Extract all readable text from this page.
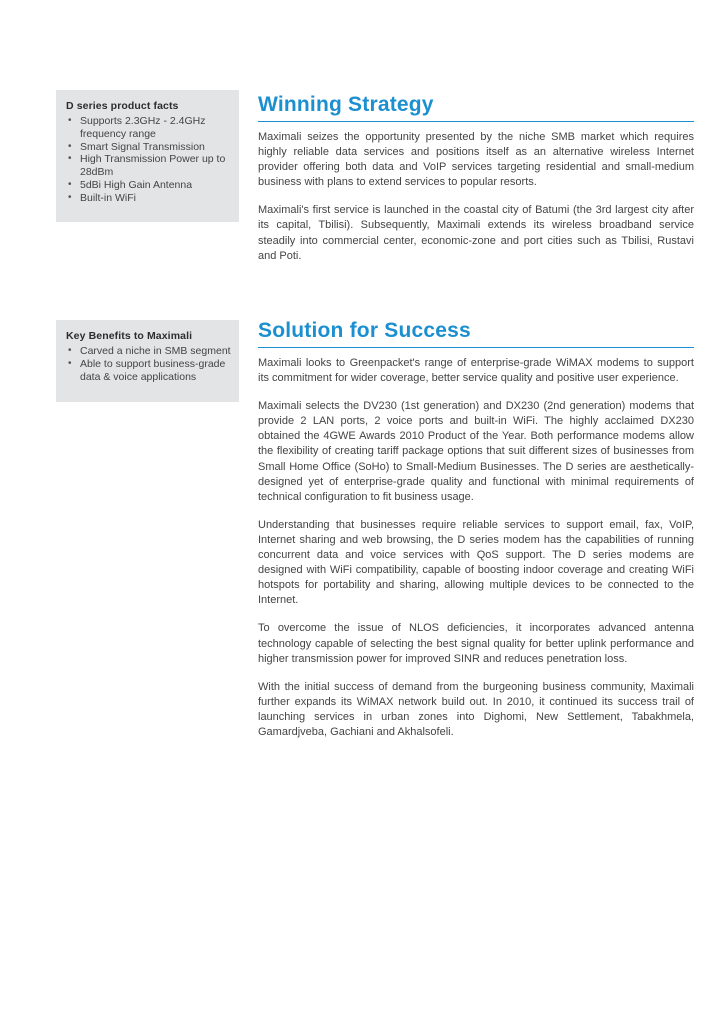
D series product facts
• Supports 2.3GHz - 2.4GHz frequency range
• Smart Signal Transmission
• High Transmission Power up to 28dBm
• 5dBi High Gain Antenna
• Built-in WiFi
Key Benefits to Maximali
• Carved a niche in SMB segment
• Able to support business-grade data & voice applications
Winning Strategy

Maximali seizes the opportunity presented by the niche SMB market which requires highly reliable data services and positions itself as an alternative wireless Internet provider offering both data and VoIP services targeting residential and small-medium business with plans to extend services to popular resorts.

Maximali's first service is launched in the coastal city of Batumi (the 3rd largest city after its capital, Tbilisi). Subsequently, Maximali extends its wireless broadband service steadily into commercial center, economic-zone and port cities such as Tbilisi, Rustavi and Poti.

Solution for Success

Maximali looks to Greenpacket's range of enterprise-grade WiMAX modems to support its commitment for wider coverage, better service quality and positive user experience.

Maximali selects the DV230 (1st generation) and DX230 (2nd generation) modems that provide 2 LAN ports, 2 voice ports and built-in WiFi. The highly acclaimed DX230 obtained the 4GWE Awards 2010 Product of the Year. Both performance modems allow the flexibility of creating tariff package options that suit different sizes of businesses from Small Home Office (SoHo) to Small-Medium Businesses. The D series are aesthetically-designed yet of enterprise-grade quality and functional with minimal requirements of technical configuration to fit business usage.

Understanding that businesses require reliable services to support email, fax, VoIP, Internet sharing and web browsing, the D series modem has the capabilities of running concurrent data and voice services with QoS support. The D series modems are designed with WiFi compatibility, capable of boosting indoor coverage and creating WiFi hotspots for portability and sharing, allowing multiple devices to be connected to the Internet.

To overcome the issue of NLOS deficiencies, it incorporates advanced antenna technology capable of selecting the best signal quality for better uplink performance and higher transmission power for improved SINR and reduces penetration loss.

With the initial success of demand from the burgeoning business community, Maximali further expands its WiMAX network build out. In 2010, it continued its success trail of launching services in urban zones into Dighomi, New Settlement, Tabakhmela, Gamardjveba, Gachiani and Akhalsofeli.
